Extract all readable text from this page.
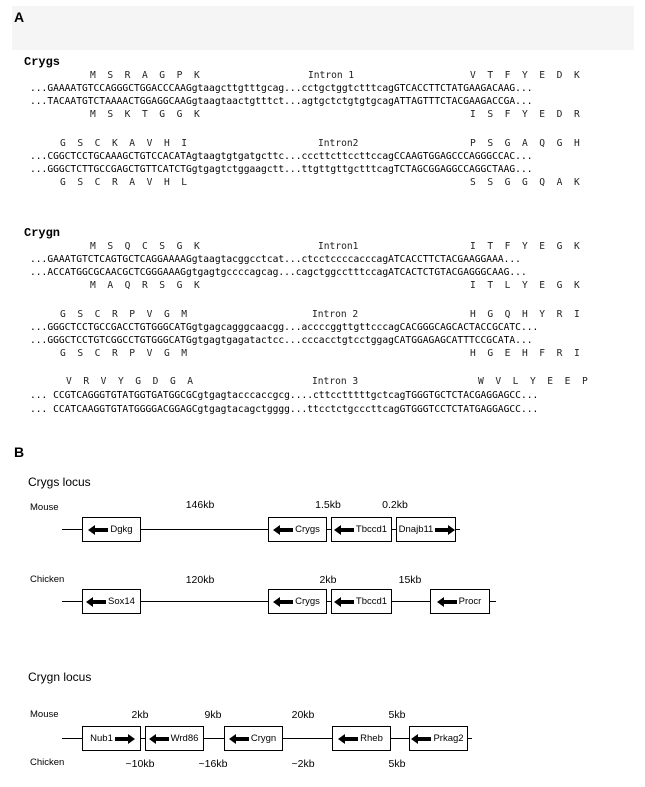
A
Crygs
M  S  R  A  G  P  K	Intron 1	V  T  F  Y  E  D  K
...GAAAATGTCCAGGGCTGGACCCAAGgtaagcttgtttgcag...cctgctggtctttcagGTCACCTTCTATGAAGACAAG...
...TACAATGTCTAAAACTGGAGGCAAGgtaagtaactgtttct...agtgctctgtgtgcagATTAGTTTCTACGAAGACCGA...
M  S  K  T  G  G  K	I  S  F  Y  E  D  R
G  S  C  K  A  V  H  I	Intron2	P  S  G  A  Q  G  H
...CGGCTCCTGCAAAGCTGTCCACATAgtaagtgtgatgcttc...cccttcttccttccagCCAAGTGGAGCCCAGGGCCAC...
...GGGCTCTTGCCGAGCTGTTCATCTGgtgagtctggaagctt...ttgttgttgctttcagTCTAGCGGAGGCCAGGCTAAG...
G  S  C  R  A  V  H  L	S  S  G  G  Q  A  K
Crygn
M  S  Q  C  S  G  K	Intron1	I  T  F  Y  E  G  K
...GAAATGTCTCAGTGCTCAGGAAAAGgtaagtacggcctcat...ctcctccccacccagATCACCTTCTACGAAGGAAA...
...ACCATGGCGCAACGCTCGGGAAAGgtgagtgccccagcag...cagctggcctttccagATCACTCTGTACGAGGGCAAG...
M  A  Q  R  S  G  K	I  T  L  Y  E  G  K
G  S  C  R  P  V  G  M	Intron 2	H  G  Q  H  Y  R  I
...GGGCTCCTGCCGACCTGTGGGCATGgtgagcagggcaacgg...accccggttgttcccagCACGGGCAGCACTACCGCATC...
...GGGCTCCTGTCGGCCTGTGGGCATGgtgagtgagatactcc...cccacctgtcctggagCATGGAGAGCATTTCCGCATA...
G  S  C  R  P  V  G  M	H  G  E  H  F  R  I
V  R  V  Y  G  D  G  A	Intron 3	W  V  L  Y  E  E  P
... CCGTCAGGGTGTATGGTGATGGCGCgtgagtacccaccgcg....cttcctttttgctcagTGGGTGCTCTACGAGGAGCC...
... CCATCAAGGTGTATGGGGACGGAGCgtgagtacagctgggg...ttcctctgcccttcagGTGGGTCCTCTATGAGGAGCC...
B
Crygs locus
Mouse	146kb	1.5kb	0.2kb
Dgkg	Crygs	Tbccd1 Dnajb11
Chicken	120kb	2kb	15kb
Sox14	Crygs	Tbccd1	Procr
Crygn locus
Mouse
Chicken
2kb	9kb	20kb	5kb
~10kb	~16kb	~2kb	5kb
Nub1	Wrd86	Crygn	Rheb	Prkag2
